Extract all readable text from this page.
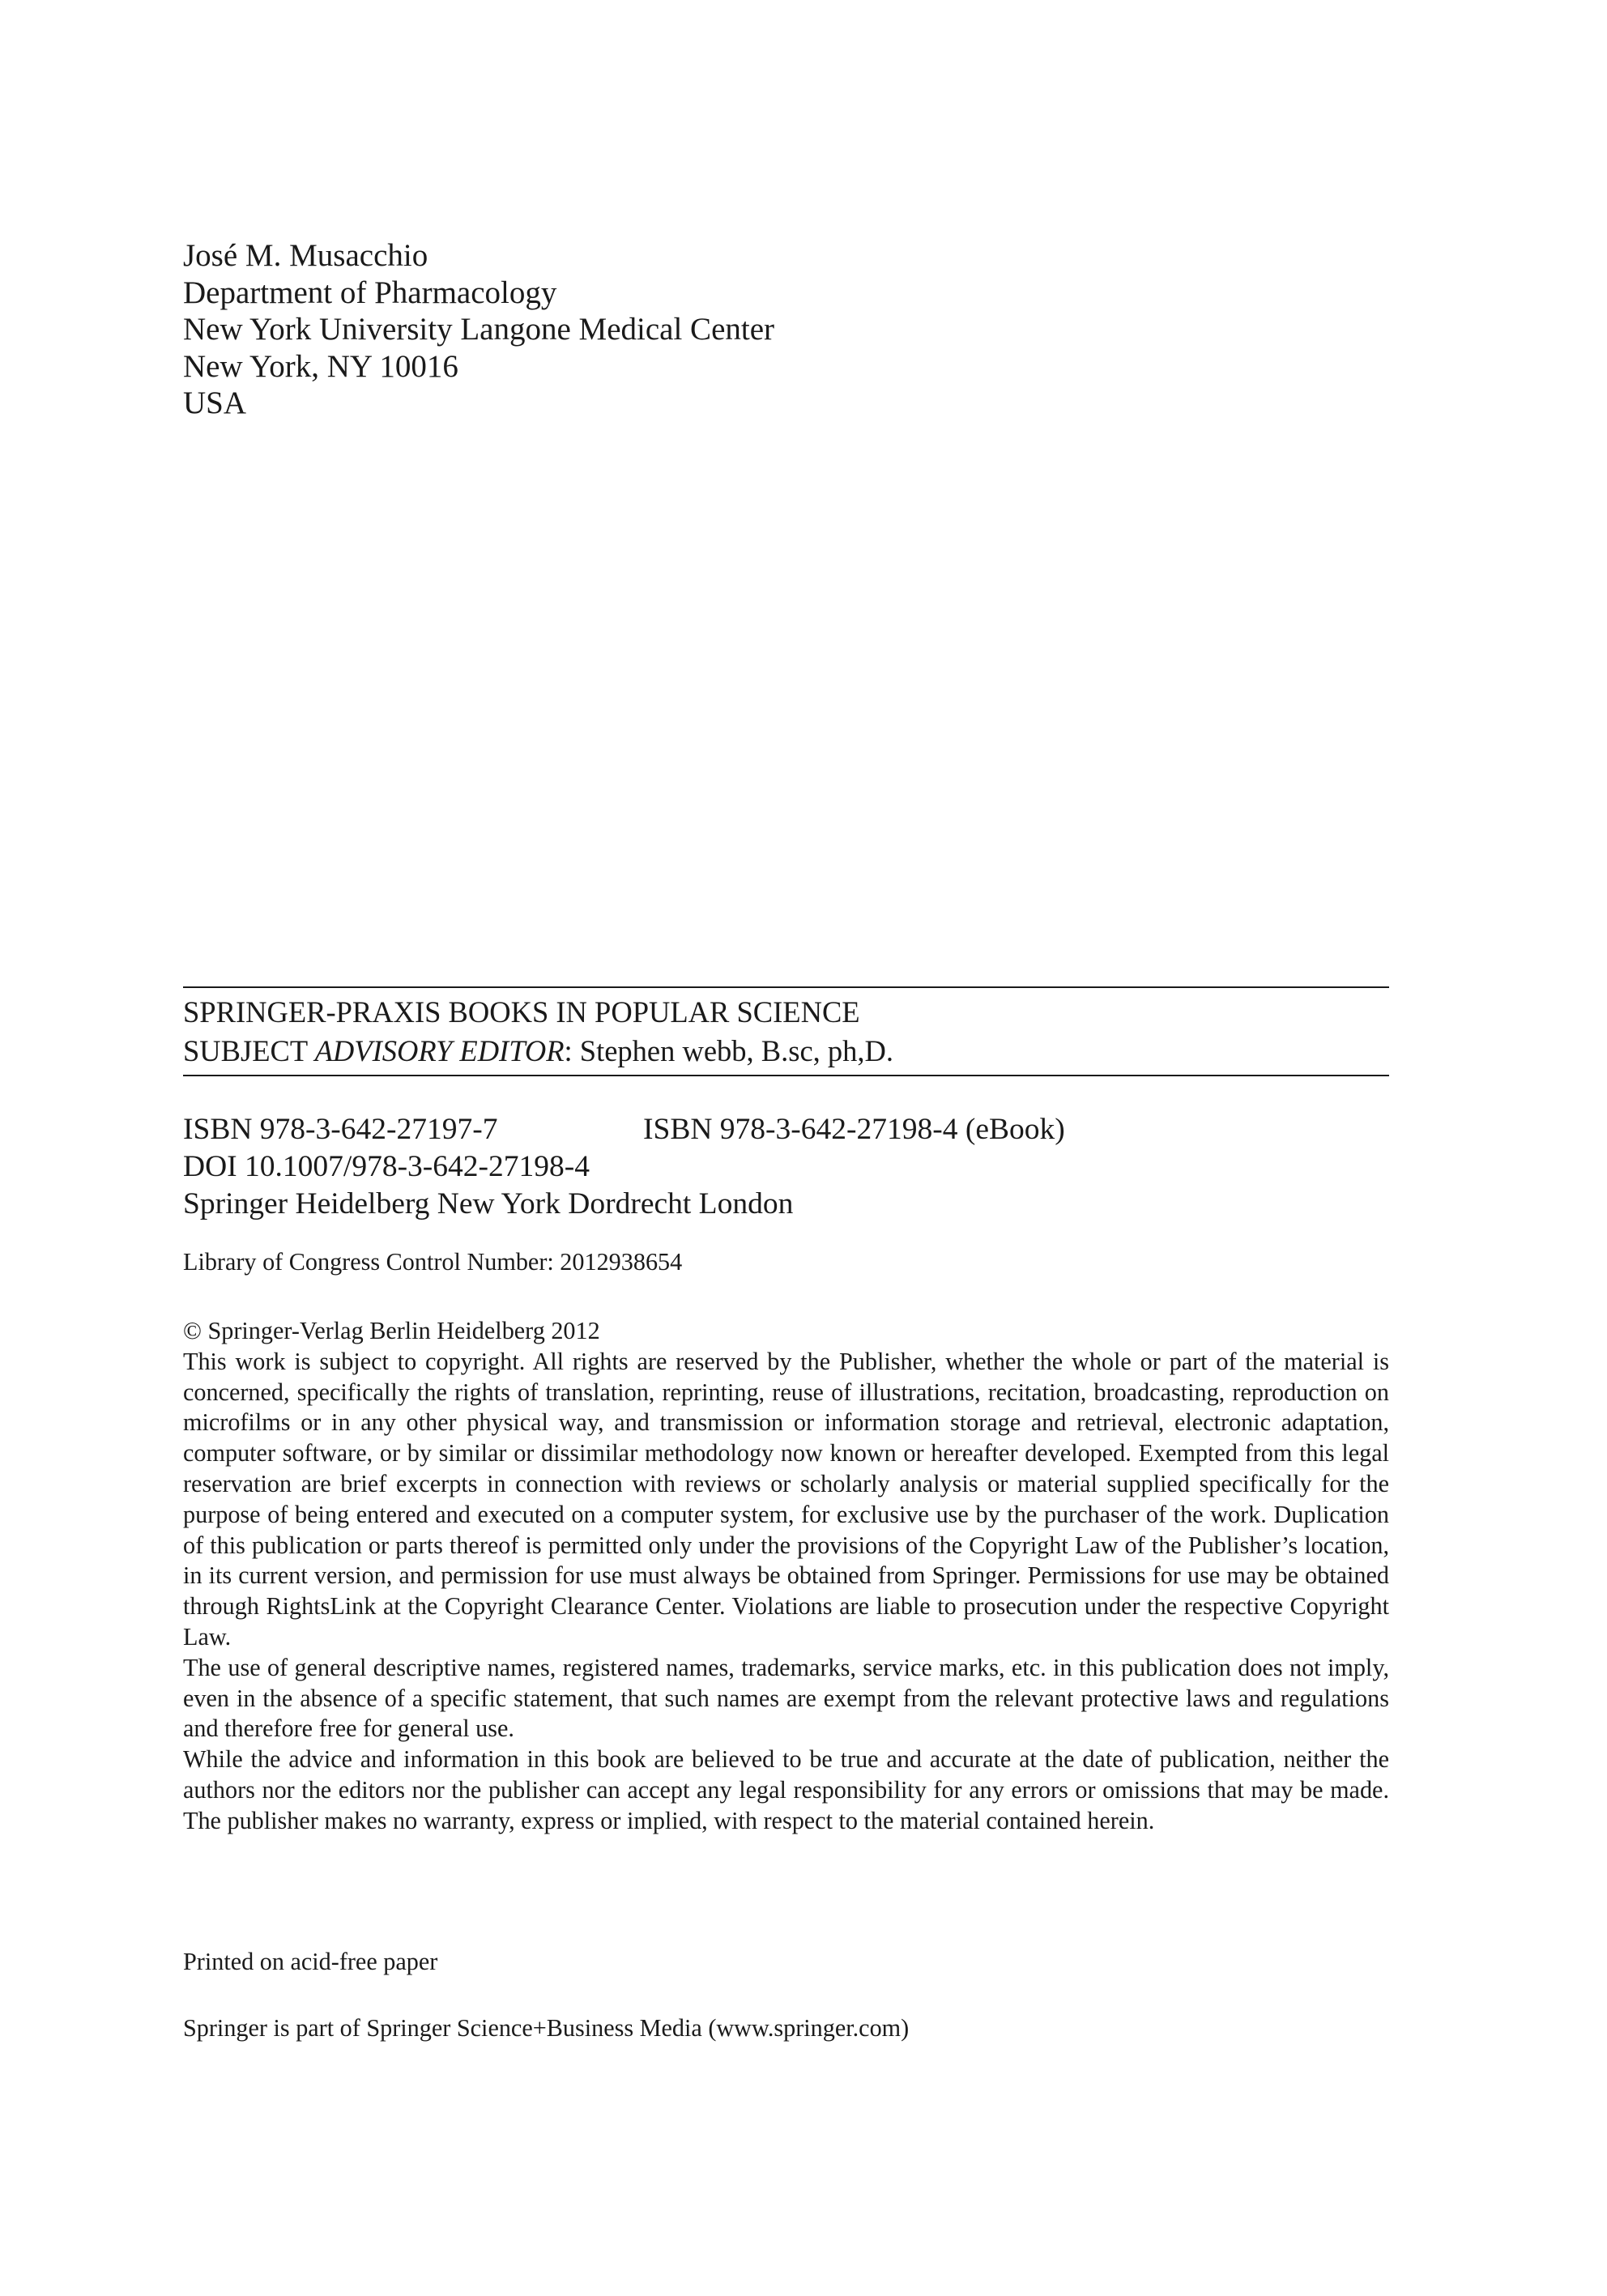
José M. Musacchio
Department of Pharmacology
New York University Langone Medical Center
New York, NY 10016
USA
SPRINGER-PRAXIS BOOKS IN POPULAR SCIENCE
SUBJECT ADVISORY EDITOR: Stephen webb, B.sc, ph,D.
ISBN 978-3-642-27197-7	ISBN 978-3-642-27198-4 (eBook)
DOI 10.1007/978-3-642-27198-4
Springer Heidelberg New York Dordrecht London
Library of Congress Control Number: 2012938654
© Springer-Verlag Berlin Heidelberg 2012

This work is subject to copyright. All rights are reserved by the Publisher, whether the whole or part of the material is concerned, specifically the rights of translation, reprinting, reuse of illustrations, recitation, broadcasting, reproduction on microfilms or in any other physical way, and transmission or information storage and retrieval, electronic adaptation, computer software, or by similar or dissimilar methodology now known or hereafter developed. Exempted from this legal reservation are brief excerpts in connection with reviews or scholarly analysis or material supplied specifically for the purpose of being entered and executed on a computer system, for exclusive use by the purchaser of the work. Duplication of this publication or parts thereof is permitted only under the provisions of the Copyright Law of the Publisher’s location, in its current version, and permission for use must always be obtained from Springer. Permissions for use may be obtained through RightsLink at the Copyright Clearance Center. Violations are liable to prosecution under the respective Copyright Law.

The use of general descriptive names, registered names, trademarks, service marks, etc. in this publication does not imply, even in the absence of a specific statement, that such names are exempt from the relevant protective laws and regulations and therefore free for general use.

While the advice and information in this book are believed to be true and accurate at the date of publication, neither the authors nor the editors nor the publisher can accept any legal responsibility for any errors or omissions that may be made. The publisher makes no warranty, express or implied, with respect to the material contained herein.

Printed on acid-free paper
Springer is part of Springer Science+Business Media (www.springer.com)
